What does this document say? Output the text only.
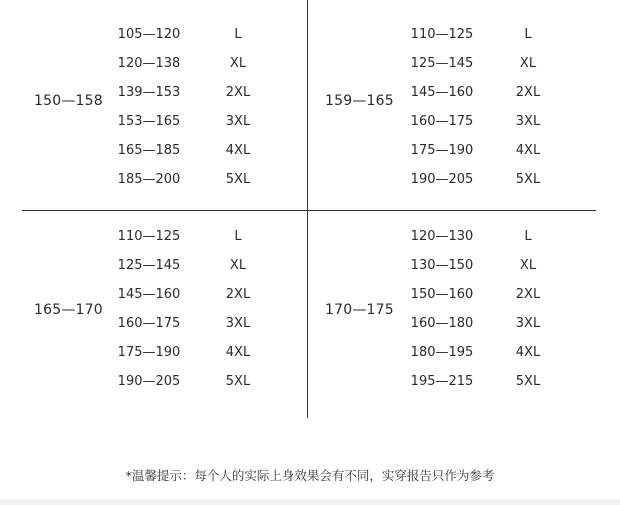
150—158
105—120	L
120—138	XL
139—153	2XL
153—165	3XL
165—185	4XL
185—200	5XL
159—165
110—125	L
125—145	XL
145—160	2XL
160—175	3XL
175—190	4XL
190—205	5XL
165—170
110—125	L
125—145	XL
145—160	2XL
160—175	3XL
175—190	4XL
190—205	5XL
170—175
120—130	L
130—150	XL
150—160	2XL
160—180	3XL
180—195	4XL
195—215	5XL
*温馨提示：每个人的实际上身效果会有不同，实穿报告只作为参考
